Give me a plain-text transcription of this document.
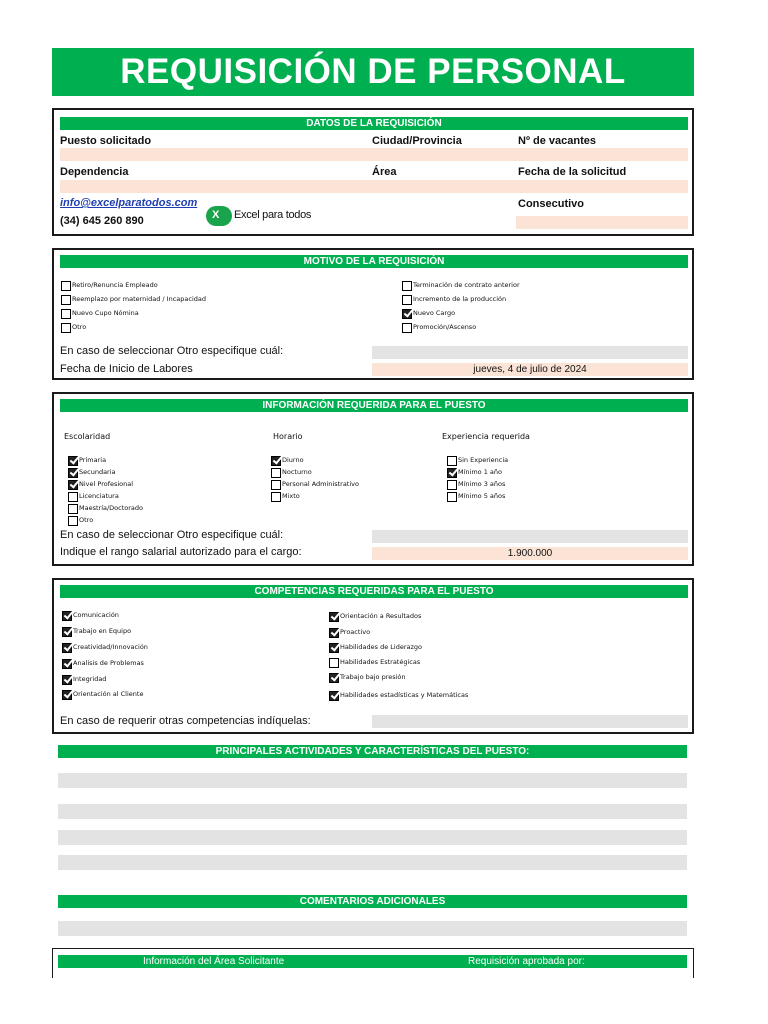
REQUISICIÓN DE PERSONAL
DATOS DE LA REQUISICIÓN
Puesto solicitado	Ciudad/Provincia	Nº de vacantes
Dependencia	Área	Fecha de la solicitud
info@excelparatodos.com
(34) 645 260 890
X	Excel para todos
Consecutivo
MOTIVO DE LA REQUISICIÓN
Retiro/Renuncia Empleado
Reemplazo por maternidad / Incapacidad
Nuevo Cupo Nómina
Otro
Terminación de contrato anterior
Incremento de la producción
Nuevo Cargo
Promoción/Ascenso
En caso de seleccionar Otro especifique cuál:
Fecha de Inicio de Labores	jueves, 4 de julio de 2024
INFORMACIÓN REQUERIDA PARA EL PUESTO
Escolaridad	Horario	Experiencia requerida
Primaria
Secundaria
Nivel Profesional
Licenciatura
Maestría/Doctorado
Otro
Diurno
Nocturno
Personal Administrativo
Mixto
Sin Experiencia
Mínimo 1 año
Mínimo 3 años
Mínimo 5 años
En caso de seleccionar Otro especifique cuál:
Indique el rango salarial autorizado para el cargo:	1.900.000
COMPETENCIAS REQUERIDAS PARA EL PUESTO
Comunicación
Trabajo en Equipo
Creatividad/Innovación
Analisis de Problemas
Integridad
Orientación al Cliente
Orientación a Resultados
Proactivo
Habilidades de Liderazgo
Habilidades Estratégicas
Trabajo bajo presión
Habilidades estadísticas y Matemáticas
En caso de requerir otras competencias indíquelas:
PRINCIPALES ACTIVIDADES Y CARACTERÍSTICAS DEL PUESTO:
COMENTARIOS ADICIONALES
Información del Área Solicitante	Requisición aprobada por:
